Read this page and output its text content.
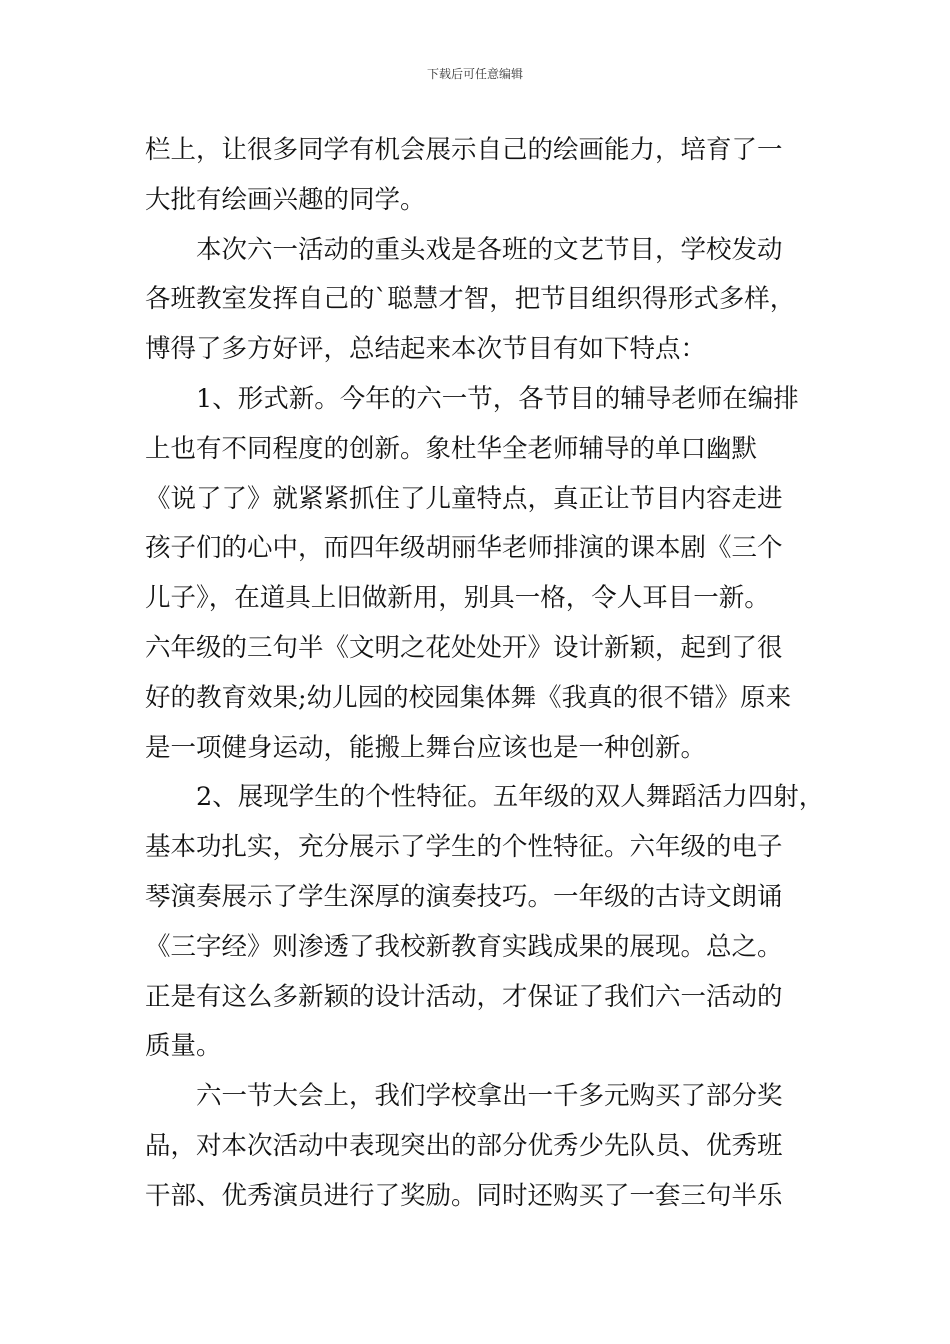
下载后可任意编辑
栏上，让很多同学有机会展示自己的绘画能力，培育了一
大批有绘画兴趣的同学。
本次六一活动的重头戏是各班的文艺节目，学校发动
各班教室发挥自己的`聪慧才智，把节目组织得形式多样，
博得了多方好评，总结起来本次节目有如下特点：
1、形式新。今年的六一节，各节目的辅导老师在编排
上也有不同程度的创新。象杜华全老师辅导的单口幽默
《说了了》就紧紧抓住了儿童特点，真正让节目内容走进
孩子们的心中，而四年级胡丽华老师排演的课本剧《三个
儿子》，在道具上旧做新用，别具一格，令人耳目一新。
六年级的三句半《文明之花处处开》设计新颖，起到了很
好的教育效果;幼儿园的校园集体舞《我真的很不错》原来
是一项健身运动，能搬上舞台应该也是一种创新。
2、展现学生的个性特征。五年级的双人舞蹈活力四射，
基本功扎实，充分展示了学生的个性特征。六年级的电子
琴演奏展示了学生深厚的演奏技巧。一年级的古诗文朗诵
《三字经》则渗透了我校新教育实践成果的展现。总之。
正是有这么多新颖的设计活动，才保证了我们六一活动的
质量。
六一节大会上，我们学校拿出一千多元购买了部分奖
品，对本次活动中表现突出的部分优秀少先队员、优秀班
干部、优秀演员进行了奖励。同时还购买了一套三句半乐
